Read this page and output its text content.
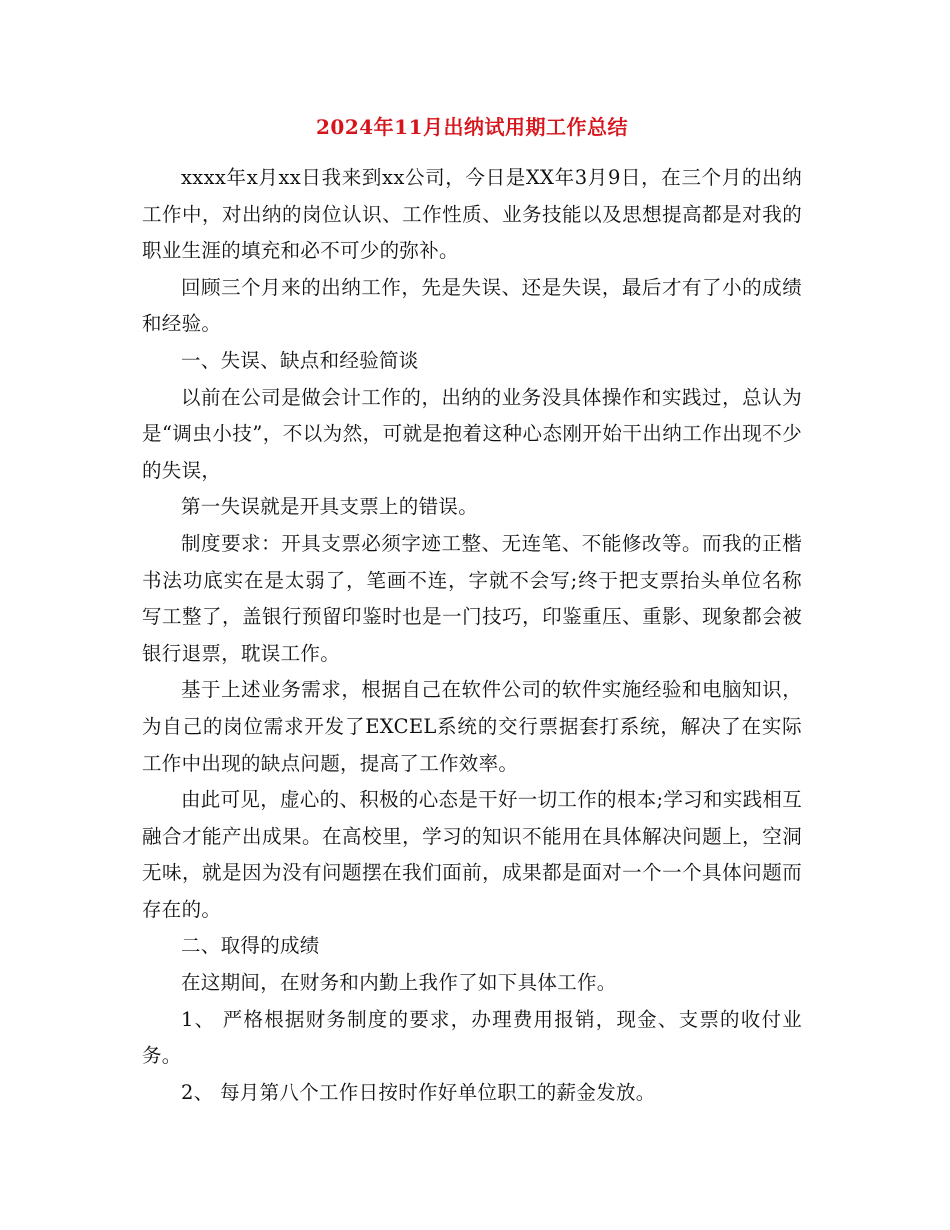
2024年11月出纳试用期工作总结

xxxx年x月xx日我来到xx公司，今日是XX年3月9日，在三个月的出纳工作中，对出纳的岗位认识、工作性质、业务技能以及思想提高都是对我的职业生涯的填充和必不可少的弥补。

回顾三个月来的出纳工作，先是失误、还是失误，最后才有了小的成绩和经验。

一、失误、缺点和经验简谈

以前在公司是做会计工作的，出纳的业务没具体操作和实践过，总认为是“调虫小技”，不以为然，可就是抱着这种心态刚开始干出纳工作出现不少的失误，

第一失误就是开具支票上的错误。

制度要求：开具支票必须字迹工整、无连笔、不能修改等。而我的正楷书法功底实在是太弱了，笔画不连，字就不会写;终于把支票抬头单位名称写工整了，盖银行预留印鉴时也是一门技巧，印鉴重压、重影、现象都会被银行退票，耽误工作。

基于上述业务需求，根据自己在软件公司的软件实施经验和电脑知识，为自己的岗位需求开发了EXCEL系统的交行票据套打系统，解决了在实际工作中出现的缺点问题，提高了工作效率。

由此可见，虚心的、积极的心态是干好一切工作的根本;学习和实践相互融合才能产出成果。在高校里，学习的知识不能用在具体解决问题上，空洞无味，就是因为没有问题摆在我们面前，成果都是面对一个一个具体问题而存在的。

二、取得的成绩

在这期间，在财务和内勤上我作了如下具体工作。

1、 严格根据财务制度的要求，办理费用报销，现金、支票的收付业务。

2、 每月第八个工作日按时作好单位职工的薪金发放。
